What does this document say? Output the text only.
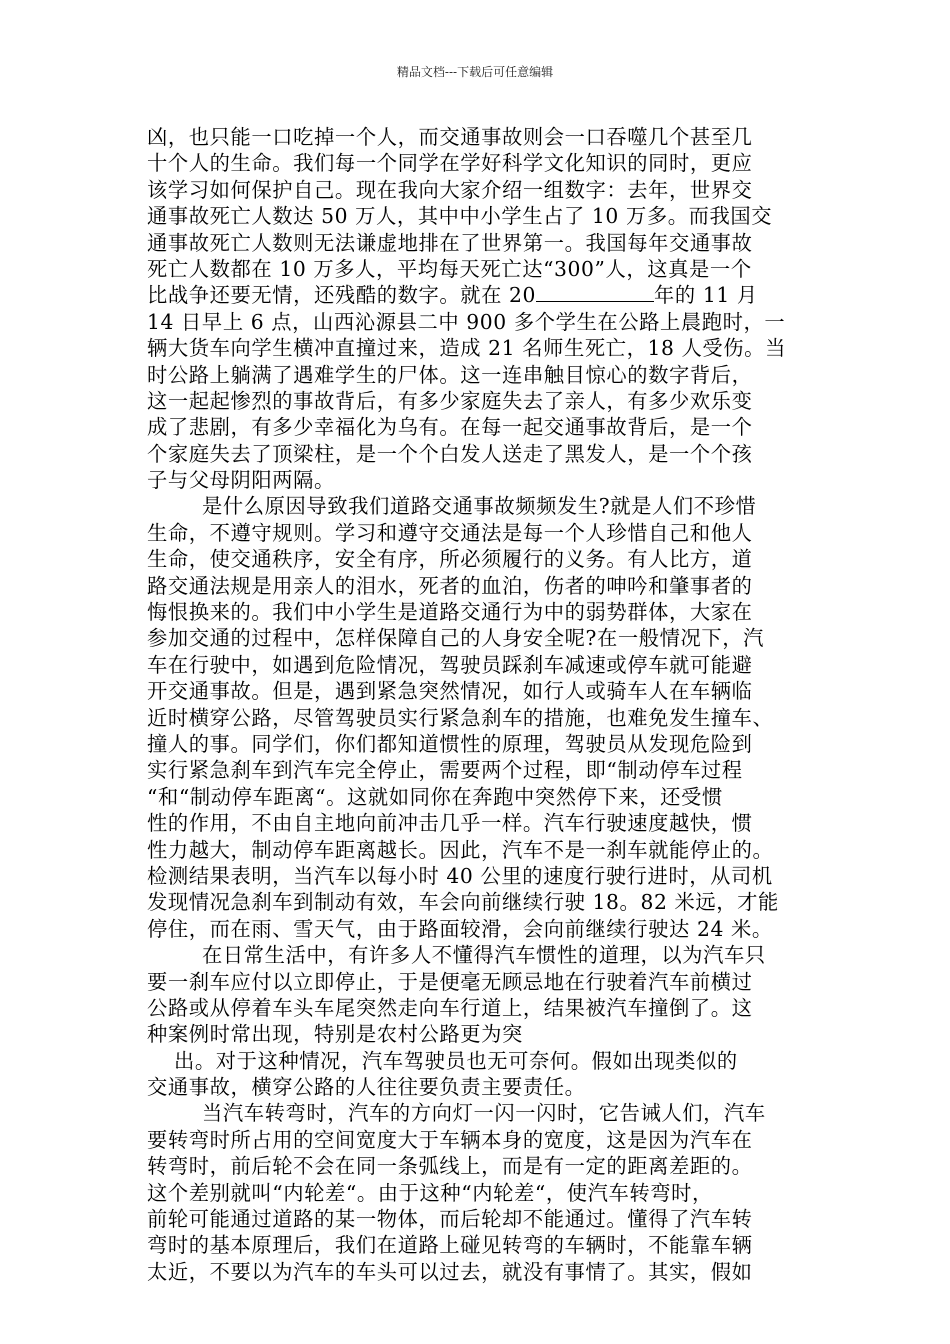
精品文档---下载后可任意编辑
凶，也只能一口吃掉一个人，而交通事故则会一口吞噬几个甚至几
十个人的生命。我们每一个同学在学好科学文化知识的同时，更应
该学习如何保护自己。现在我向大家介绍一组数字：去年，世界交
通事故死亡人数达 50 万人，其中中小学生占了 10 万多。而我国交
通事故死亡人数则无法谦虚地排在了世界第一。我国每年交通事故
死亡人数都在 10 万多人，平均每天死亡达“300”人，这真是一个
比战争还要无情，还残酷的数字。就在 20	年的 11 月
14 日早上 6 点，山西沁源县二中 900 多个学生在公路上晨跑时，一
辆大货车向学生横冲直撞过来，造成 21 名师生死亡，18 人受伤。当
时公路上躺满了遇难学生的尸体。这一连串触目惊心的数字背后，
这一起起惨烈的事故背后，有多少家庭失去了亲人，有多少欢乐变
成了悲剧，有多少幸福化为乌有。在每一起交通事故背后，是一个
个家庭失去了顶梁柱，是一个个白发人送走了黑发人，是一个个孩
子与父母阴阳两隔。
是什么原因导致我们道路交通事故频频发生?就是人们不珍惜
生命，不遵守规则。学习和遵守交通法是每一个人珍惜自己和他人
生命，使交通秩序，安全有序，所必须履行的义务。有人比方，道
路交通法规是用亲人的泪水，死者的血泊，伤者的呻吟和肇事者的
悔恨换来的。我们中小学生是道路交通行为中的弱势群体，大家在
参加交通的过程中，怎样保障自己的人身安全呢?在一般情况下，汽
车在行驶中，如遇到危险情况，驾驶员踩刹车减速或停车就可能避
开交通事故。但是，遇到紧急突然情况，如行人或骑车人在车辆临
近时横穿公路，尽管驾驶员实行紧急刹车的措施，也难免发生撞车、
撞人的事。同学们，你们都知道惯性的原理，驾驶员从发现危险到
实行紧急刹车到汽车完全停止，需要两个过程，即“制动停车过程
“和“制动停车距离“。这就如同你在奔跑中突然停下来，还受惯
性的作用，不由自主地向前冲击几乎一样。汽车行驶速度越快，惯
性力越大，制动停车距离越长。因此，汽车不是一刹车就能停止的。
检测结果表明，当汽车以每小时 40 公里的速度行驶行进时，从司机
发现情况急刹车到制动有效，车会向前继续行驶 18。82 米远，才能
停住，而在雨、雪天气，由于路面较滑，会向前继续行驶达 24 米。
在日常生活中，有许多人不懂得汽车惯性的道理，以为汽车只
要一刹车应付以立即停止，于是便毫无顾忌地在行驶着汽车前横过
公路或从停着车头车尾突然走向车行道上，结果被汽车撞倒了。这
种案例时常出现，特别是农村公路更为突
出。对于这种情况，汽车驾驶员也无可奈何。假如出现类似的
交通事故，横穿公路的人往往要负责主要责任。
当汽车转弯时，汽车的方向灯一闪一闪时，它告诫人们，汽车
要转弯时所占用的空间宽度大于车辆本身的宽度，这是因为汽车在
转弯时，前后轮不会在同一条弧线上，而是有一定的距离差距的。
这个差别就叫“内轮差“。由于这种“内轮差“，使汽车转弯时，
前轮可能通过道路的某一物体，而后轮却不能通过。懂得了汽车转
弯时的基本原理后，我们在道路上碰见转弯的车辆时，不能靠车辆
太近，不要以为汽车的车头可以过去，就没有事情了。其实，假如
